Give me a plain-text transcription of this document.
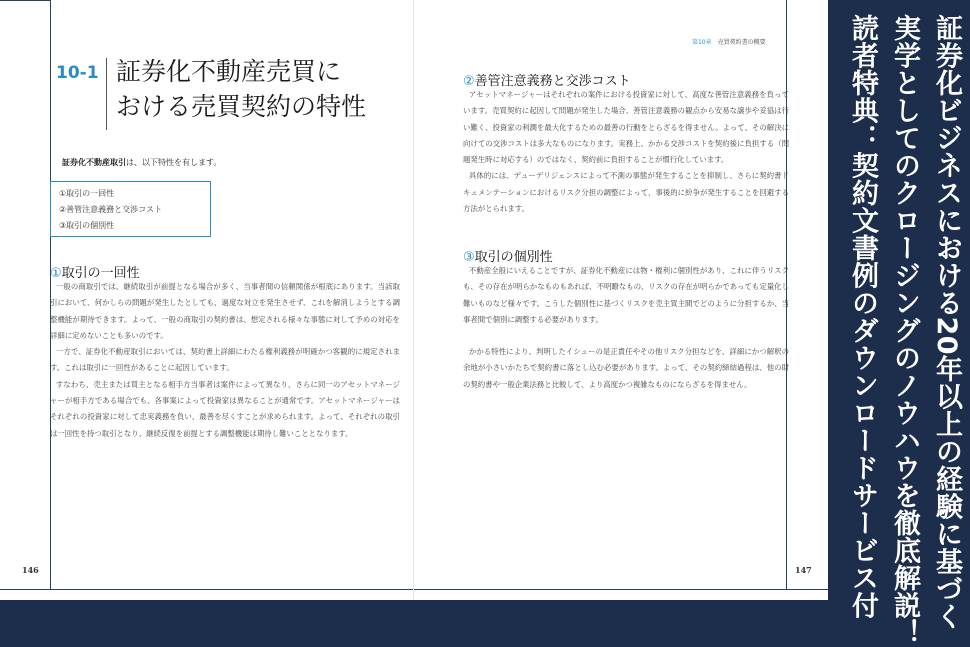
10-1 証券化不動産売買に
おける売買契約の特性
証券化不動産取引は、以下特性を有します。
①取引の一回性
②善管注意義務と交渉コスト
③取引の個別性
①取引の一回性

一般の商取引では、継続取引が前提となる場合が多く、当事者間の信頼関係が根底にあります。当該取引において、何かしらの問題が発生したとしても、過度な対立を発生させず、これを解消しようとする調整機能が期待できます。よって、一般の商取引の契約書は、想定される様々な事態に対して予めの対応を詳細に定めないことも多いのです。

一方で、証券化不動産取引においては、契約書上詳細にわたる権利義務が明確かつ客観的に規定されます。これは取引に一回性があることに起因しています。

すなわち、売主または買主となる相手方当事者は案件によって異なり、さらに同一のアセットマネージャーが相手方である場合でも、各事案によって投資家は異なることが通常です。アセットマネージャーはそれぞれの投資家に対して忠実義務を負い、最善を尽くすことが求められます。よって、それぞれの取引は一回性を持つ取引となり、継続反復を前提とする調整機能は期待し難いこととなります。

146
第10章 売買契約書の概要
②善管注意義務と交渉コスト

アセットマネージャーはそれぞれの案件における投資家に対して、高度な善管注意義務を負っています。売買契約に起因して問題が発生した場合、善管注意義務の観点から安易な譲歩や妥協は行い難く、投資家の利潤を最大化するための最善の行動をとらざるを得ません。よって、その解決に向けての交渉コストは多大なものになります。実務上、かかる交渉コストを契約後に負担する（問題発生時に対応する）のではなく、契約前に負担することが慣行化しています。

具体的には、デューデリジェンスによって不測の事態が発生することを抑制し、さらに契約書ドキュメンテーションにおけるリスク分担の調整によって、事後的に紛争が発生することを回避する方法がとられます。

③取引の個別性

不動産全般にいえることですが、証券化不動産には物・権利に個別性があり、これに伴うリスクも、その存在が明らかなものもあれば、不明瞭なもの、リスクの存在が明らかであっても定量化し難いものなど様々です。こうした個別性に基づくリスクを売主買主間でどのように分担するか、当事者間で個別に調整する必要があります。

かかる特性により、判明したイシューの是正責任やその他リスク分担などを、詳細にかつ解釈の余地が小さいかたちで契約書に落とし込む必要があります。よって、その契約締結過程は、他の財の契約書や一般企業法務と比較して、より高度かつ複雑なものにならざるを得ません。

147	証券化ビジネスにおける20年以上の経験に基づく
実学としてのクロージングのノウハウを徹底解説！
読者特典：契約文書例のダウンロードサービス付
